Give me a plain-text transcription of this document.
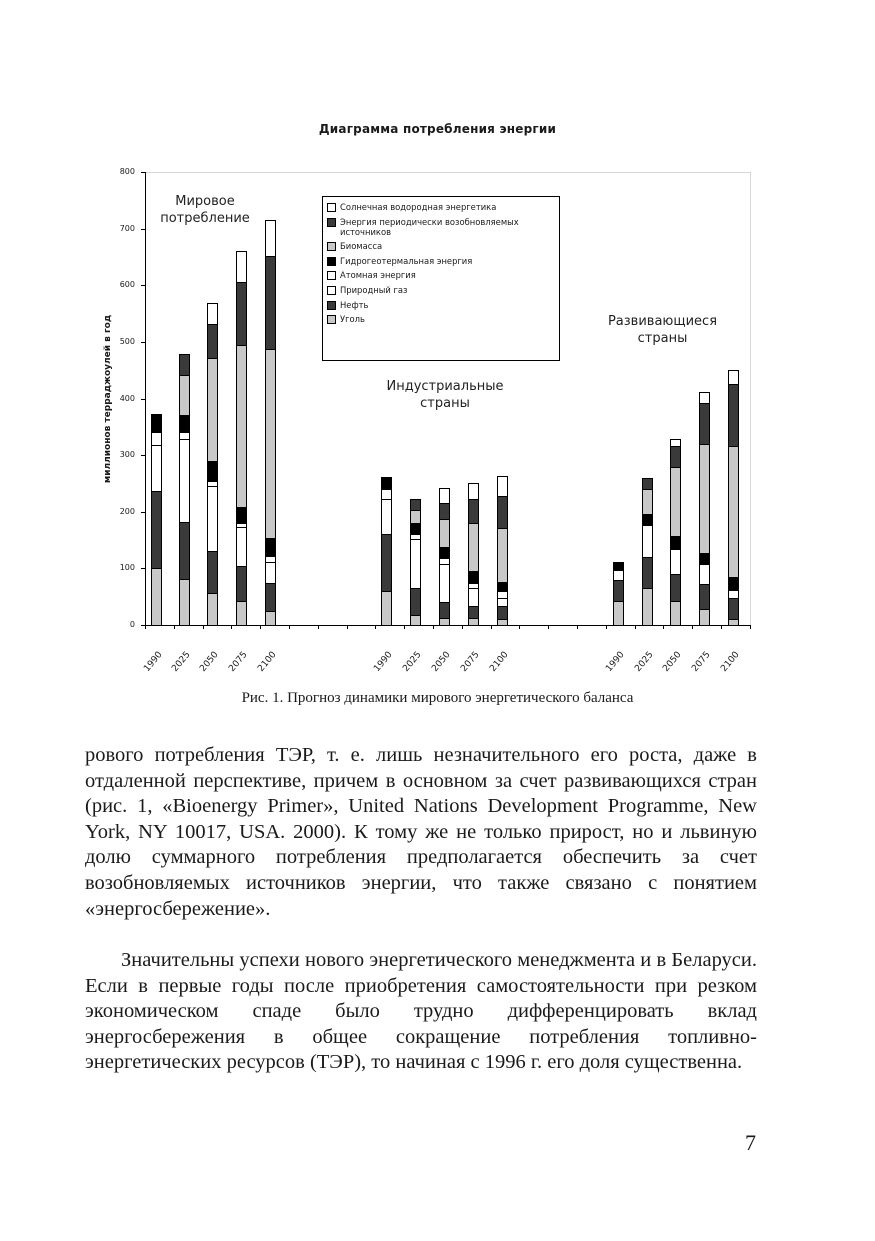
Диаграмма потребления энергии
миллионов терраджоулей в год
0
100
200
300
400
500
600
700
800
1990 2025 2050 2075 2100	1990 2025 2050 2075 2100	1990 2025 2050 2075 2100
Мировое
потребление
Индустриальные
страны
Развивающиеся
страны
Солнечная водородная энергетика
Энергия периодически возобновляемых источников
Биомасса
Гидрогеотермальная энергия
Атомная энергия
Природный газ
Нефть
Уголь
Рис. 1. Прогноз динамики мирового энергетического баланса

рового потребления ТЭР, т. е. лишь незначительного его роста, даже в отдаленной перспективе, причем в основном за счет развивающихся стран (рис. 1, «Bioenergy Primer», United Nations Development Programme, New York, NY 10017, USA. 2000). К тому же не только прирост, но и львиную долю суммарного потребления предполагается обеспечить за счет возобновляемых источников энергии, что также связано с понятием «энергосбережение».

Значительны успехи нового энергетического менеджмента и в Беларуси. Если в первые годы после приобретения самостоятельности при резком экономическом спаде было трудно дифференцировать вклад энергосбережения в общее сокращение потребления топливно-энергетических ресурсов (ТЭР), то начиная с 1996 г. его доля существенна.

7
